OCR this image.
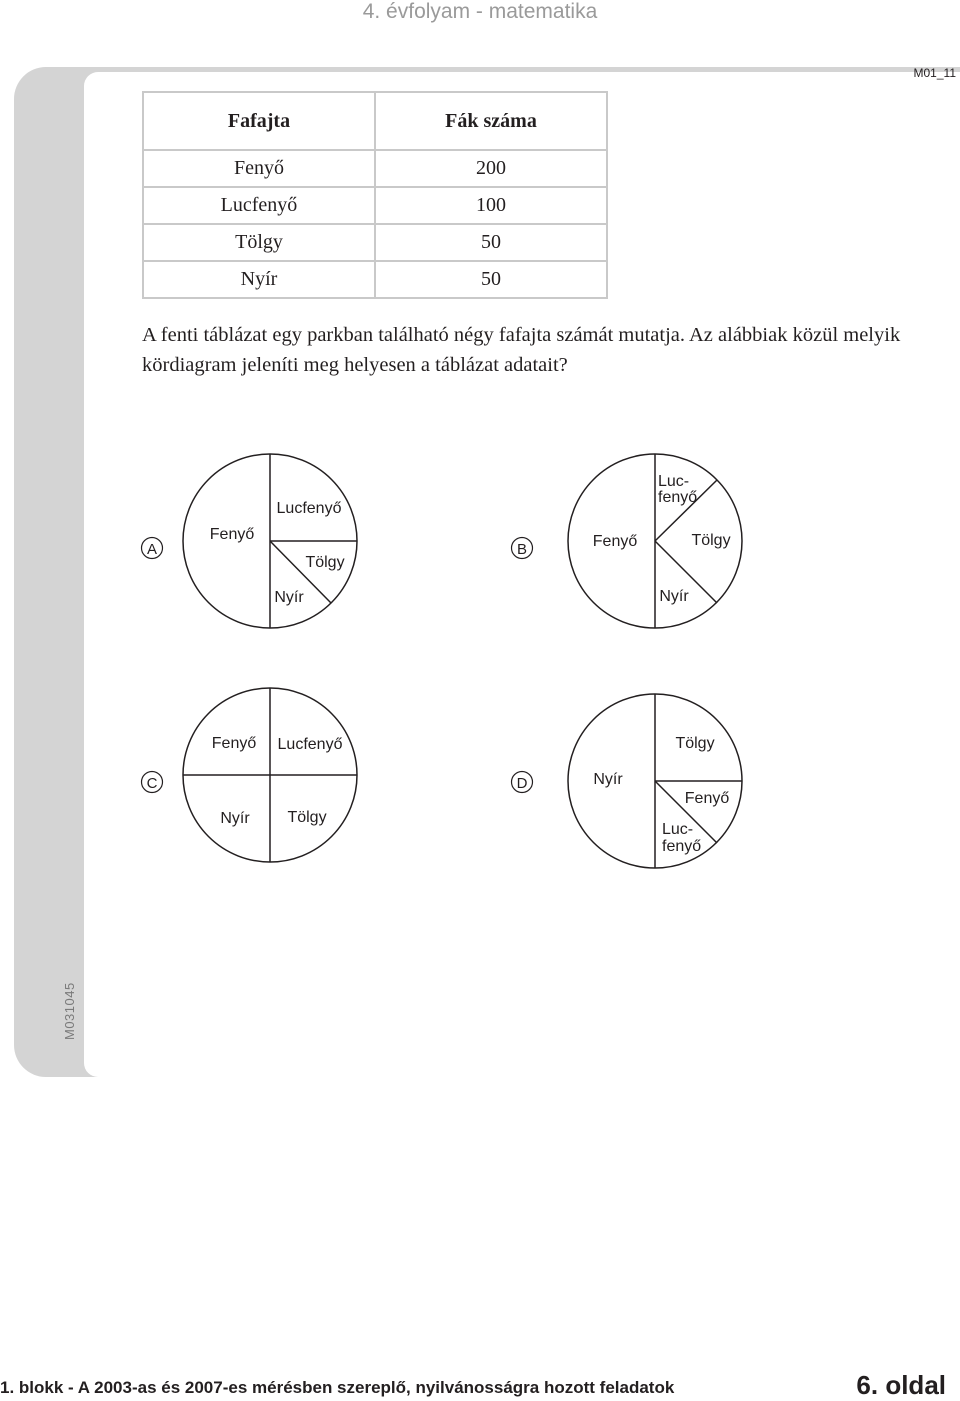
4. évfolyam - matematika
M01_11
M031045
Fafajta	Fák száma
Fenyő	200
Lucfenyő	100
Tölgy	50
Nyír	50
A fenti táblázat egy parkban található négy fafajta számát mutatja. Az alábbiak közül melyik kördiagram jeleníti meg helyesen a táblázat adatait?
A
Fenyő
Lucfenyő
Tölgy
Nyír
B	Fenyő
Luc-
fenyő
Tölgy
Nyír
C
Fenyő Lucfenyő
Nyír Tölgy
D
Tölgy
Nyír
Fenyő
Luc-
fenyő
1. blokk - A 2003-as és 2007-es mérésben szereplő, nyilvánosságra hozott feladatok	6. oldal
